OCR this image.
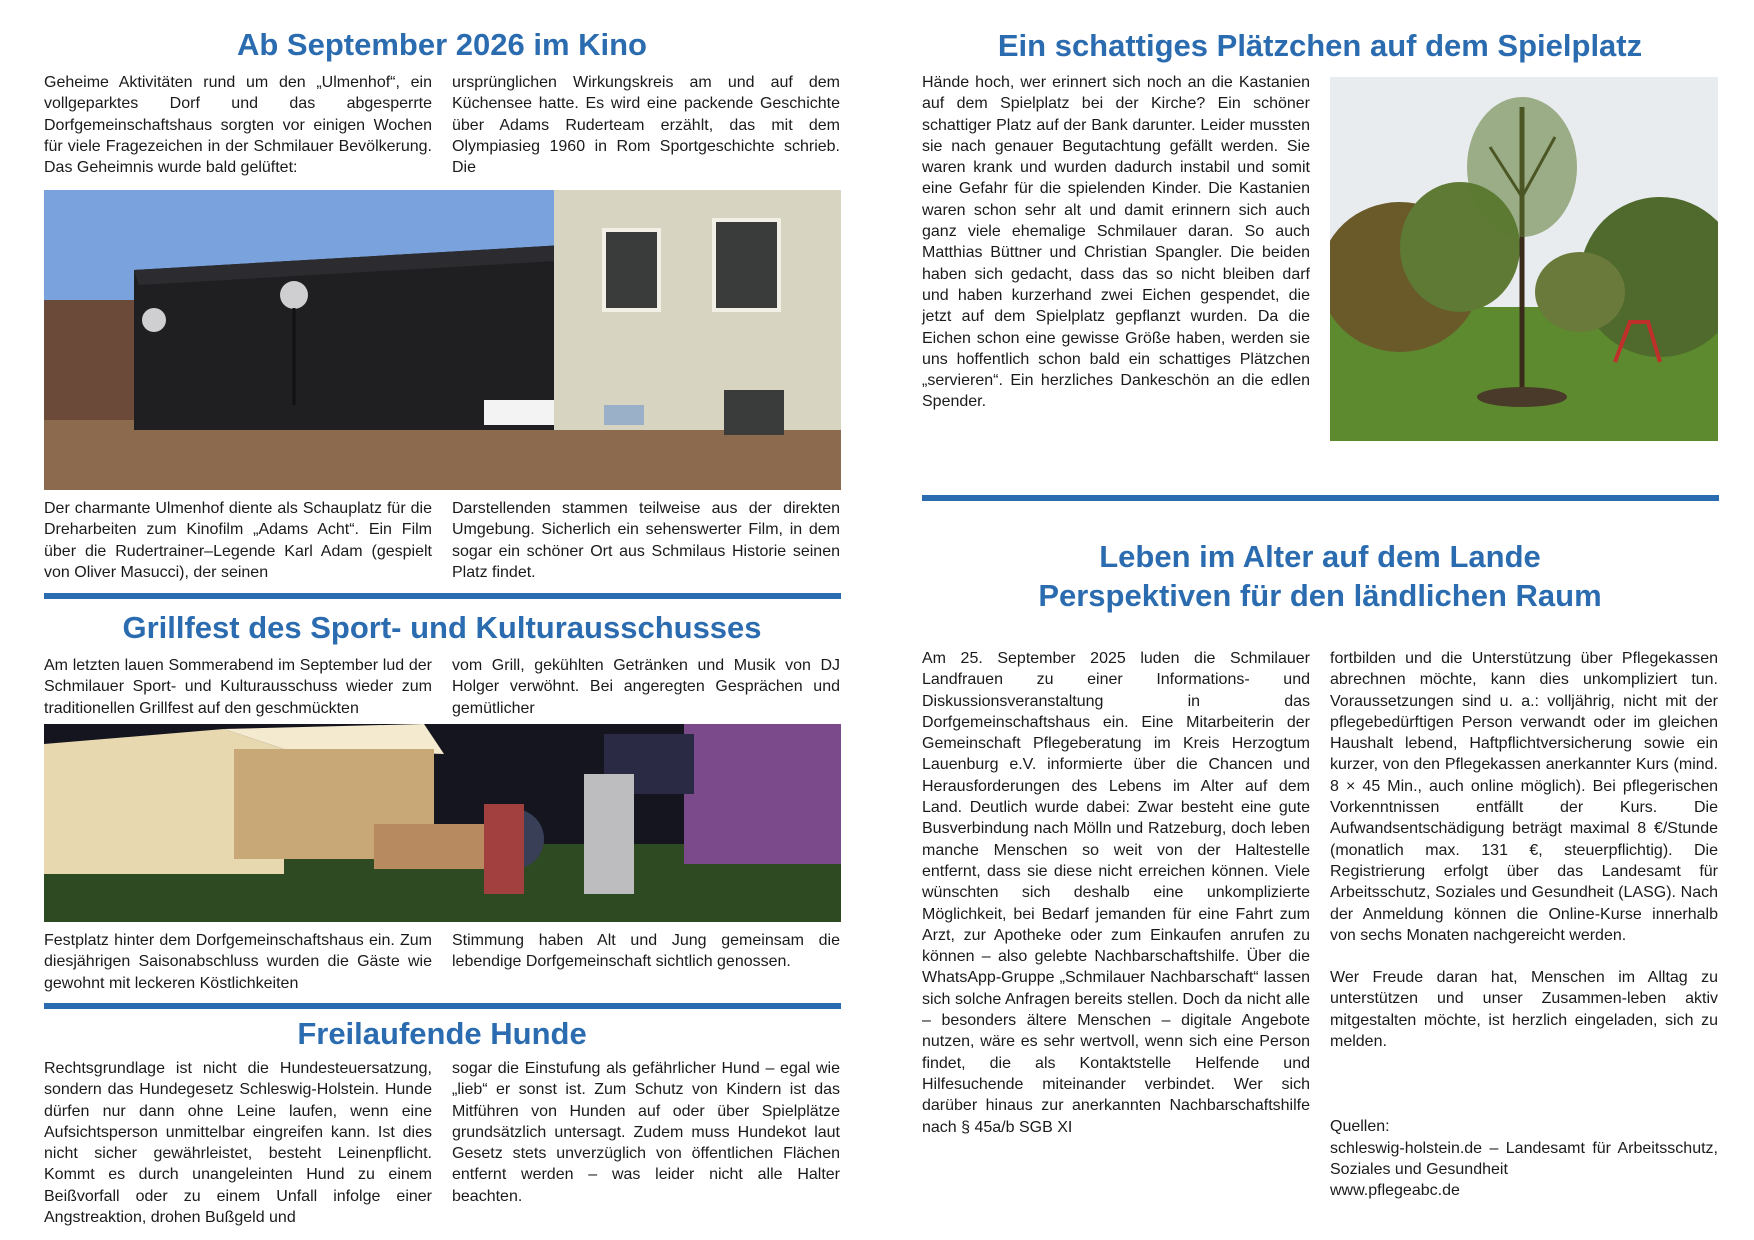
Ab September 2026 im Kino
Geheime Aktivitäten rund um den „Ulmenhof“, ein vollgeparktes Dorf und das abgesperrte Dorfgemeinschaftshaus sorgten vor einigen Wochen für viele Fragezeichen in der Schmilauer Bevölkerung. Das Geheimnis wurde bald gelüftet:
ursprünglichen Wirkungskreis am und auf dem Küchensee hatte. Es wird eine packende Geschichte über Adams Ruderteam erzählt, das mit dem Olympiasieg 1960 in Rom Sportgeschichte schrieb. Die
Der charmante Ulmenhof diente als Schauplatz für die Dreharbeiten zum Kinofilm „Adams Acht“. Ein Film über die Rudertrainer–Legende Karl Adam (gespielt von Oliver Masucci), der seinen
Darstellenden stammen teilweise aus der direkten Umgebung. Sicherlich ein sehenswerter Film, in dem sogar ein schöner Ort aus Schmilaus Historie seinen Platz findet.
Grillfest des Sport- und Kulturausschusses
Am letzten lauen Sommerabend im September lud der Schmilauer Sport- und Kulturausschuss wieder zum traditionellen Grillfest auf den geschmückten
vom Grill, gekühlten Getränken und Musik von DJ Holger verwöhnt. Bei angeregten Gesprächen und gemütlicher
Festplatz hinter dem Dorfgemeinschaftshaus ein. Zum diesjährigen Saisonabschluss wurden die Gäste wie gewohnt mit leckeren Köstlichkeiten
Stimmung haben Alt und Jung gemeinsam die lebendige Dorfgemeinschaft sichtlich genossen.
Freilaufende Hunde
Rechtsgrundlage ist nicht die Hundesteuersatzung, sondern das Hundegesetz Schleswig-Holstein. Hunde dürfen nur dann ohne Leine laufen, wenn eine Aufsichtsperson unmittelbar eingreifen kann. Ist dies nicht sicher gewährleistet, besteht Leinenpflicht. Kommt es durch unangeleinten Hund zu einem Beißvorfall oder zu einem Unfall infolge einer Angstreaktion, drohen Bußgeld und
sogar die Einstufung als gefährlicher Hund – egal wie „lieb“ er sonst ist. Zum Schutz von Kindern ist das Mitführen von Hunden auf oder über Spielplätze grundsätzlich untersagt. Zudem muss Hundekot laut Gesetz stets unverzüglich von öffentlichen Flächen entfernt werden – was leider nicht alle Halter beachten.
Ein schattiges Plätzchen auf dem Spielplatz
Hände hoch, wer erinnert sich noch an die Kastanien auf dem Spielplatz bei der Kirche? Ein schöner schattiger Platz auf der Bank darunter. Leider mussten sie nach genauer Begutachtung gefällt werden. Sie waren krank und wurden dadurch instabil und somit eine Gefahr für die spielenden Kinder. Die Kastanien waren schon sehr alt und damit erinnern sich auch ganz viele ehemalige Schmilauer daran. So auch Matthias Büttner und Christian Spangler. Die beiden haben sich gedacht, dass das so nicht bleiben darf und haben kurzerhand zwei Eichen gespendet, die jetzt auf dem Spielplatz gepflanzt wurden. Da die Eichen schon eine gewisse Größe haben, werden sie uns hoffentlich schon bald ein schattiges Plätzchen „servieren“. Ein herzliches Dankeschön an die edlen Spender.
Leben im Alter auf dem Lande
Perspektiven für den ländlichen Raum
Am 25. September 2025 luden die Schmilauer Landfrauen zu einer Informations- und Diskussionsveranstaltung in das Dorfgemeinschaftshaus ein. Eine Mitarbeiterin der Gemeinschaft Pflegeberatung im Kreis Herzogtum Lauenburg e.V. informierte über die Chancen und Herausforderungen des Lebens im Alter auf dem Land. Deutlich wurde dabei: Zwar besteht eine gute Busverbindung nach Mölln und Ratzeburg, doch leben manche Menschen so weit von der Haltestelle entfernt, dass sie diese nicht erreichen können. Viele wünschten sich deshalb eine unkomplizierte Möglichkeit, bei Bedarf jemanden für eine Fahrt zum Arzt, zur Apotheke oder zum Einkaufen anrufen zu können – also gelebte Nachbarschaftshilfe. Über die WhatsApp-Gruppe „Schmilauer Nachbarschaft“ lassen sich solche Anfragen bereits stellen. Doch da nicht alle – besonders ältere Menschen – digitale Angebote nutzen, wäre es sehr wertvoll, wenn sich eine Person findet, die als Kontaktstelle Helfende und Hilfesuchende miteinander verbindet. Wer sich darüber hinaus zur anerkannten Nachbarschaftshilfe nach § 45a/b SGB XI

fortbilden und die Unterstützung über Pflegekassen abrechnen möchte, kann dies unkompliziert tun. Voraussetzungen sind u. a.: volljährig, nicht mit der pflegebedürftigen Person verwandt oder im gleichen Haushalt lebend, Haftpflichtversicherung sowie ein kurzer, von den Pflegekassen anerkannter Kurs (mind. 8 × 45 Min., auch online möglich). Bei pflegerischen Vorkenntnissen entfällt der Kurs. Die Aufwandsentschädigung beträgt maximal 8 €/Stunde (monatlich max. 131 €, steuerpflichtig). Die Registrierung erfolgt über das Landesamt für Arbeitsschutz, Soziales und Gesundheit (LASG). Nach der Anmeldung können die Online-Kurse innerhalb von sechs Monaten nachgereicht werden.

Wer Freude daran hat, Menschen im Alltag zu unterstützen und unser Zusammen-leben aktiv mitgestalten möchte, ist herzlich eingeladen, sich zu melden.

Quellen:

schleswig-holstein.de – Landesamt für Arbeitsschutz, Soziales und Gesundheit

www.pflegeabc.de
